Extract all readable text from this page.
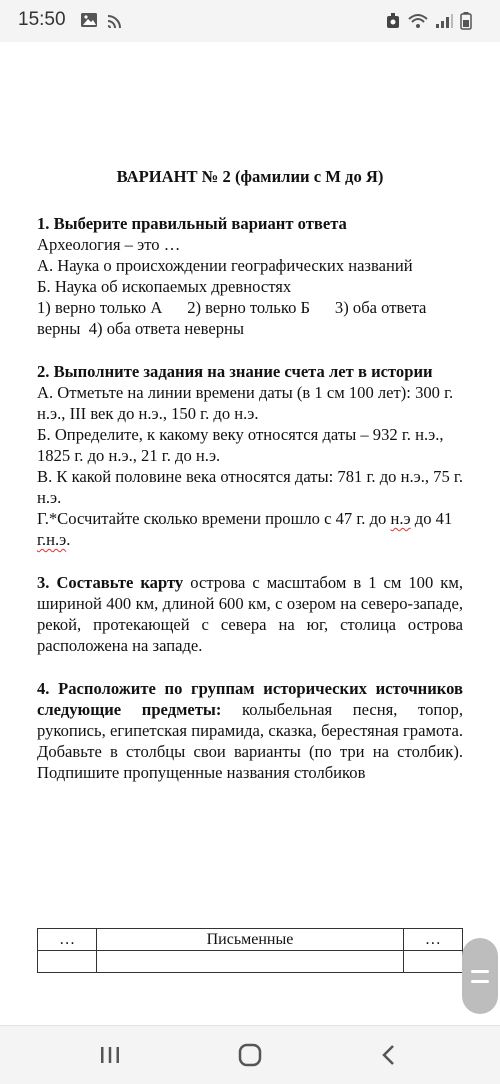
15:50

ВАРИАНТ № 2 (фамилии с М до Я)

1. Выберите правильный вариант ответа

Археология – это …

А. Наука о происхождении географических названий

Б. Наука об ископаемых древностях

1) верно только А      2) верно только Б      3) оба ответа верны  4) оба ответа неверны

2. Выполните задания на знание счета лет в истории

А. Отметьте на линии времени даты (в 1 см 100 лет): 300 г. н.э., III век до н.э., 150 г. до н.э.

Б. Определите, к какому веку относятся даты – 932 г. н.э., 1825 г. до н.э., 21 г. до н.э.

В. К какой половине века относятся даты: 781 г. до н.э., 75 г. н.э.

Г.*Сосчитайте сколько времени прошло с 47 г. до н.э до 41 г.н.э.

3. Составьте карту острова с масштабом в 1 см 100 км, шириной 400 км, длиной 600 км, с озером на северо-западе, рекой, протекающей с севера на юг, столица острова расположена на западе.

4. Расположите по группам исторических источников следующие предметы: колыбельная песня, топор, рукопись, египетская пирамида, сказка, берестяная грамота. Добавьте в столбцы свои варианты (по три на столбик). Подпишите пропущенные названия столбиков

…	Письменные	…
